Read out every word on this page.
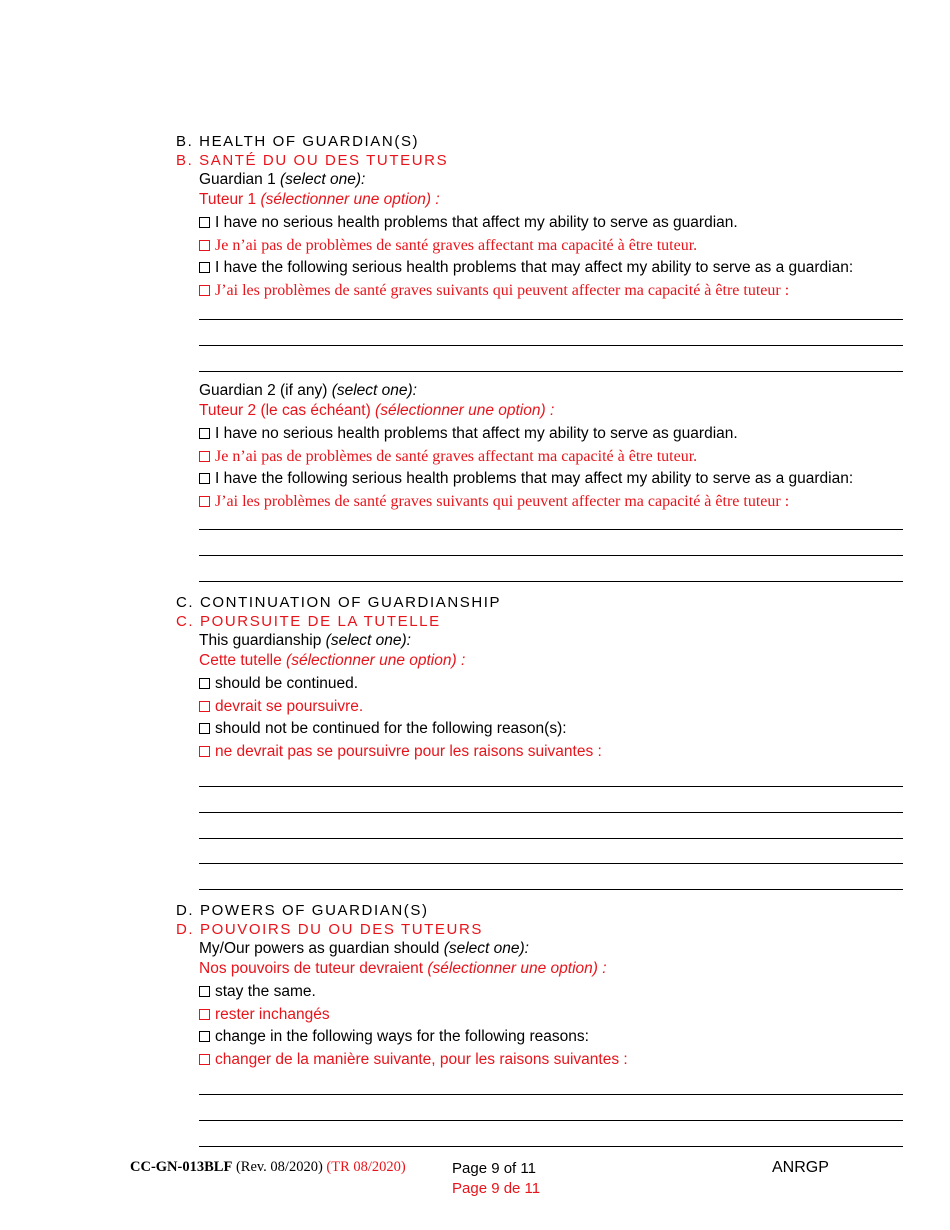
B. HEALTH OF GUARDIAN(S)
B. SANTÉ DU OU DES TUTEURS
Guardian 1 (select one):
Tuteur 1 (sélectionner une option) :
I have no serious health problems that affect my ability to serve as guardian.
Je n’ai pas de problèmes de santé graves affectant ma capacité à être tuteur.
I have the following serious health problems that may affect my ability to serve as a guardian:
J’ai les problèmes de santé graves suivants qui peuvent affecter ma capacité à être tuteur :
Guardian 2 (if any) (select one):
Tuteur 2 (le cas échéant) (sélectionner une option) :
I have no serious health problems that affect my ability to serve as guardian.
Je n’ai pas de problèmes de santé graves affectant ma capacité à être tuteur.
I have the following serious health problems that may affect my ability to serve as a guardian:
J’ai les problèmes de santé graves suivants qui peuvent affecter ma capacité à être tuteur :
C. CONTINUATION OF GUARDIANSHIP
C. POURSUITE DE LA TUTELLE
This guardianship (select one):
Cette tutelle (sélectionner une option) :
should be continued.
devrait se poursuivre.
should not be continued for the following reason(s):
ne devrait pas se poursuivre pour les raisons suivantes :
D. POWERS OF GUARDIAN(S)
D. POUVOIRS DU OU DES TUTEURS
My/Our powers as guardian should (select one):
Nos pouvoirs de tuteur devraient (sélectionner une option) :
stay the same.
rester inchangés
change in the following ways for the following reasons:
changer de la manière suivante, pour les raisons suivantes :
CC-GN-013BLF (Rev. 08/2020) (TR 08/2020)	Page 9 of 11
Page 9 de 11
ANRGP
